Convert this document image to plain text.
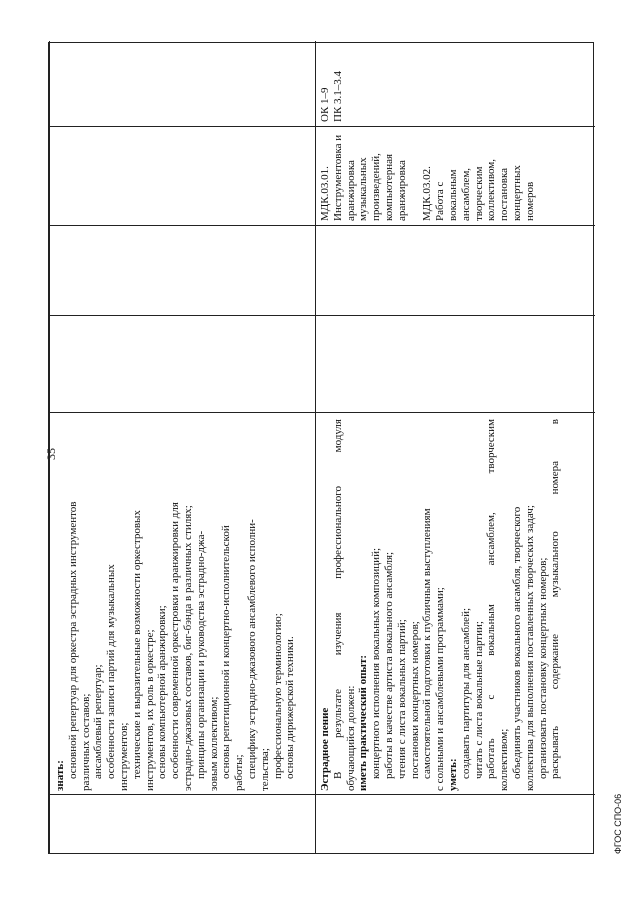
35

знать: основной репертуар для оркестра эстрадных инструментов различных составов; ансамблевый репертуар; особенности записи партий для музыкальных инструментов; технические и выразительные возможности оркестровых инструментов, их роль в оркестре; основы компьютерной аранжировки; особенности современной оркестровки и аранжировки для эстрадно-джазовых составов, биг-бэнда в различных стилях; принципы организации и руководства эстрадно-джа- зовым коллективом; основы репетиционной и концертно-исполнительской работы; специфику эстрадно-джазового ансамблевого исполни- тельства; профессиональную терминологию; основы дирижерской техники. Эстрадное пение В результате изучения профессионального модуля обучающийся должен: иметь практический опыт: концертного исполнения вокальных композиций; работы в качестве артиста вокального ансамбля; чтения с листа вокальных партий; постановки концертных номеров; самостоятельной подготовки к публичным выступлениям с сольными и ансамблевыми программами; уметь: создавать партитуры для ансамблей; читать с листа вокальные партии; работать с вокальным ансамблем, творческим коллективом; объединять участников вокального ансамбля, творческого коллектива для выполнения поставленных творческих задач; организовать постановку концертных номеров; раскрывать содержание музыкального номера в

МДК.03.01. Инструментовка и аранжировка музыкальных произведений, компьютерная аранжировка

МДК.03.02. Работа с вокальным ансамблем, творческим коллективом, постановка концертных номеров

ОК 1–9 ПК 3.1–3.4

ФГОС СПО-06
